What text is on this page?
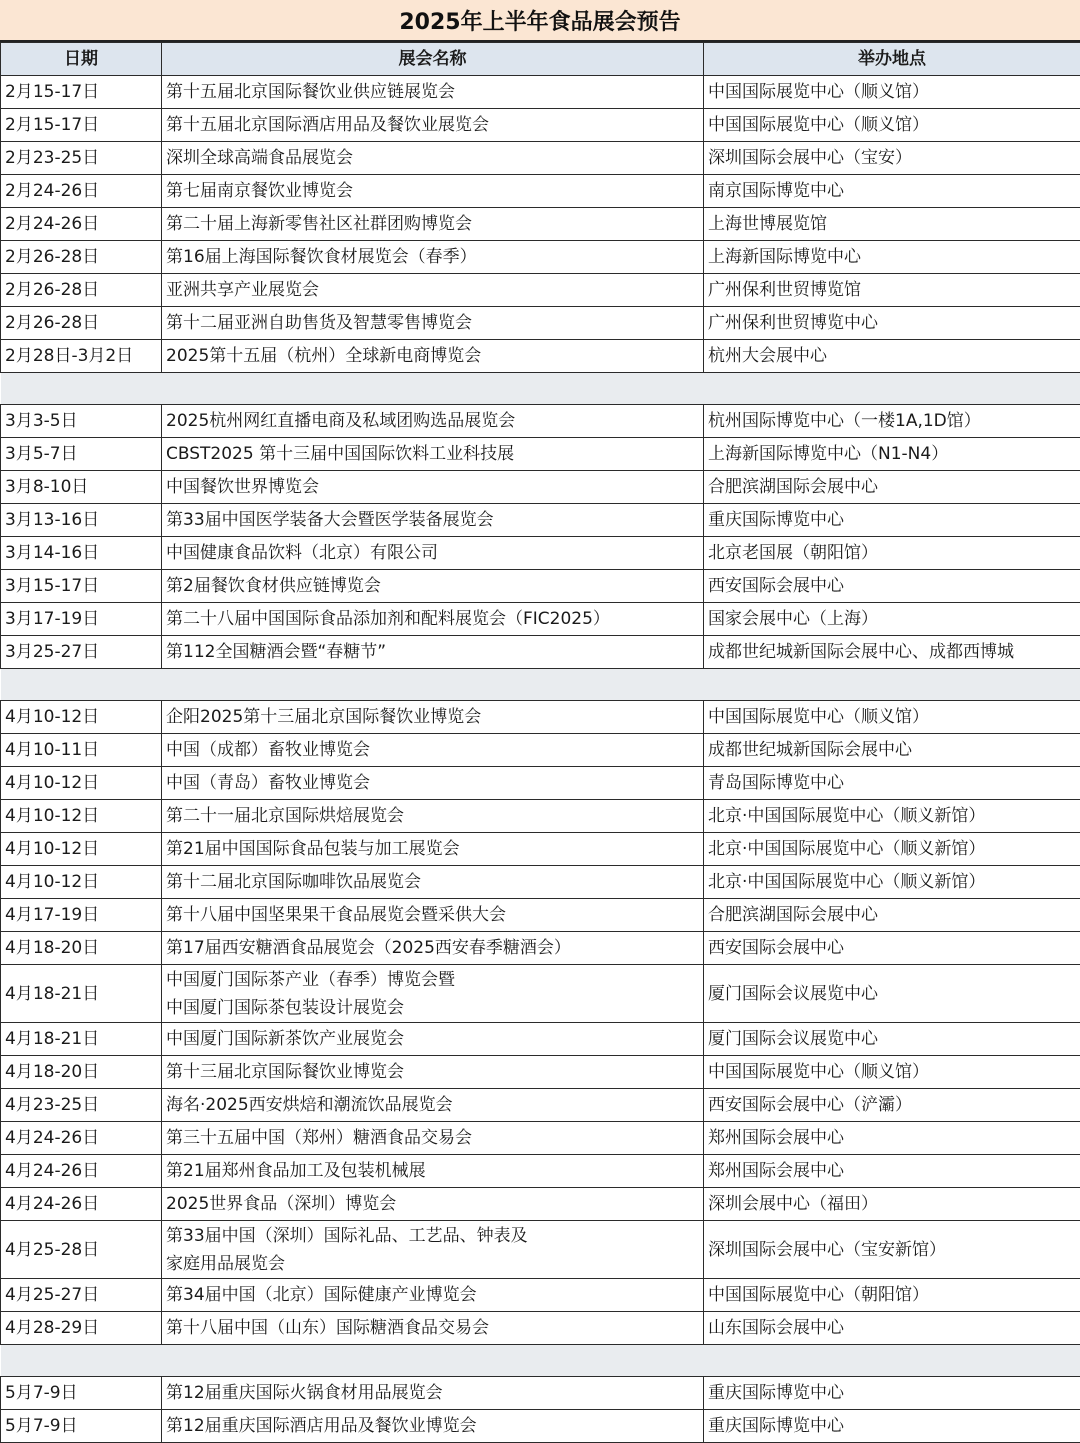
2025年上半年食品展会预告
日期	展会名称	举办地点
2月15-17日	第十五届北京国际餐饮业供应链展览会	中国国际展览中心（顺义馆）
2月15-17日	第十五届北京国际酒店用品及餐饮业展览会	中国国际展览中心（顺义馆）
2月23-25日	深圳全球高端食品展览会	深圳国际会展中心（宝安）
2月24-26日	第七届南京餐饮业博览会	南京国际博览中心
2月24-26日	第二十届上海新零售社区社群团购博览会	上海世博展览馆
2月26-28日	第16届上海国际餐饮食材展览会（春季）	上海新国际博览中心
2月26-28日	亚洲共享产业展览会	广州保利世贸博览馆
2月26-28日	第十二届亚洲自助售货及智慧零售博览会	广州保利世贸博览中心
2月28日-3月2日	2025第十五届（杭州）全球新电商博览会	杭州大会展中心

3月3-5日	2025杭州网红直播电商及私域团购选品展览会	杭州国际博览中心（一楼1A,1D馆）
3月5-7日	CBST2025 第十三届中国国际饮料工业科技展	上海新国际博览中心（N1-N4）
3月8-10日	中国餐饮世界博览会	合肥滨湖国际会展中心
3月13-16日	第33届中国医学装备大会暨医学装备展览会	重庆国际博览中心
3月14-16日	中国健康食品饮料（北京）有限公司	北京老国展（朝阳馆）
3月15-17日	第2届餐饮食材供应链博览会	西安国际会展中心
3月17-19日	第二十八届中国国际食品添加剂和配料展览会（FIC2025）	国家会展中心（上海）
3月25-27日	第112全国糖酒会暨“春糖节”	成都世纪城新国际会展中心、成都西博城

4月10-12日	企阳2025第十三届北京国际餐饮业博览会	中国国际展览中心（顺义馆）
4月10-11日	中国（成都）畜牧业博览会	成都世纪城新国际会展中心
4月10-12日	中国（青岛）畜牧业博览会	青岛国际博览中心
4月10-12日	第二十一届北京国际烘焙展览会	北京·中国国际展览中心（顺义新馆）
4月10-12日	第21届中国国际食品包装与加工展览会	北京·中国国际展览中心（顺义新馆）
4月10-12日	第十二届北京国际咖啡饮品展览会	北京·中国国际展览中心（顺义新馆）
4月17-19日	第十八届中国坚果果干食品展览会暨采供大会	合肥滨湖国际会展中心
4月18-20日	第17届西安糖酒食品展览会（2025西安春季糖酒会）	西安国际会展中心
4月18-21日	中国厦门国际茶产业（春季）博览会暨
中国厦门国际茶包装设计展览会	厦门国际会议展览中心
4月18-21日	中国厦门国际新茶饮产业展览会	厦门国际会议展览中心
4月18-20日	第十三届北京国际餐饮业博览会	中国国际展览中心（顺义馆）
4月23-25日	海名·2025西安烘焙和潮流饮品展览会	西安国际会展中心（浐灞）
4月24-26日	第三十五届中国（郑州）糖酒食品交易会	郑州国际会展中心
4月24-26日	第21届郑州食品加工及包装机械展	郑州国际会展中心
4月24-26日	2025世界食品（深圳）博览会	深圳会展中心（福田）
4月25-28日	第33届中国（深圳）国际礼品、工艺品、钟表及
家庭用品展览会	深圳国际会展中心（宝安新馆）
4月25-27日	第34届中国（北京）国际健康产业博览会	中国国际展览中心（朝阳馆）
4月28-29日	第十八届中国（山东）国际糖酒食品交易会	山东国际会展中心

5月7-9日	第12届重庆国际火锅食材用品展览会	重庆国际博览中心
5月7-9日	第12届重庆国际酒店用品及餐饮业博览会	重庆国际博览中心
